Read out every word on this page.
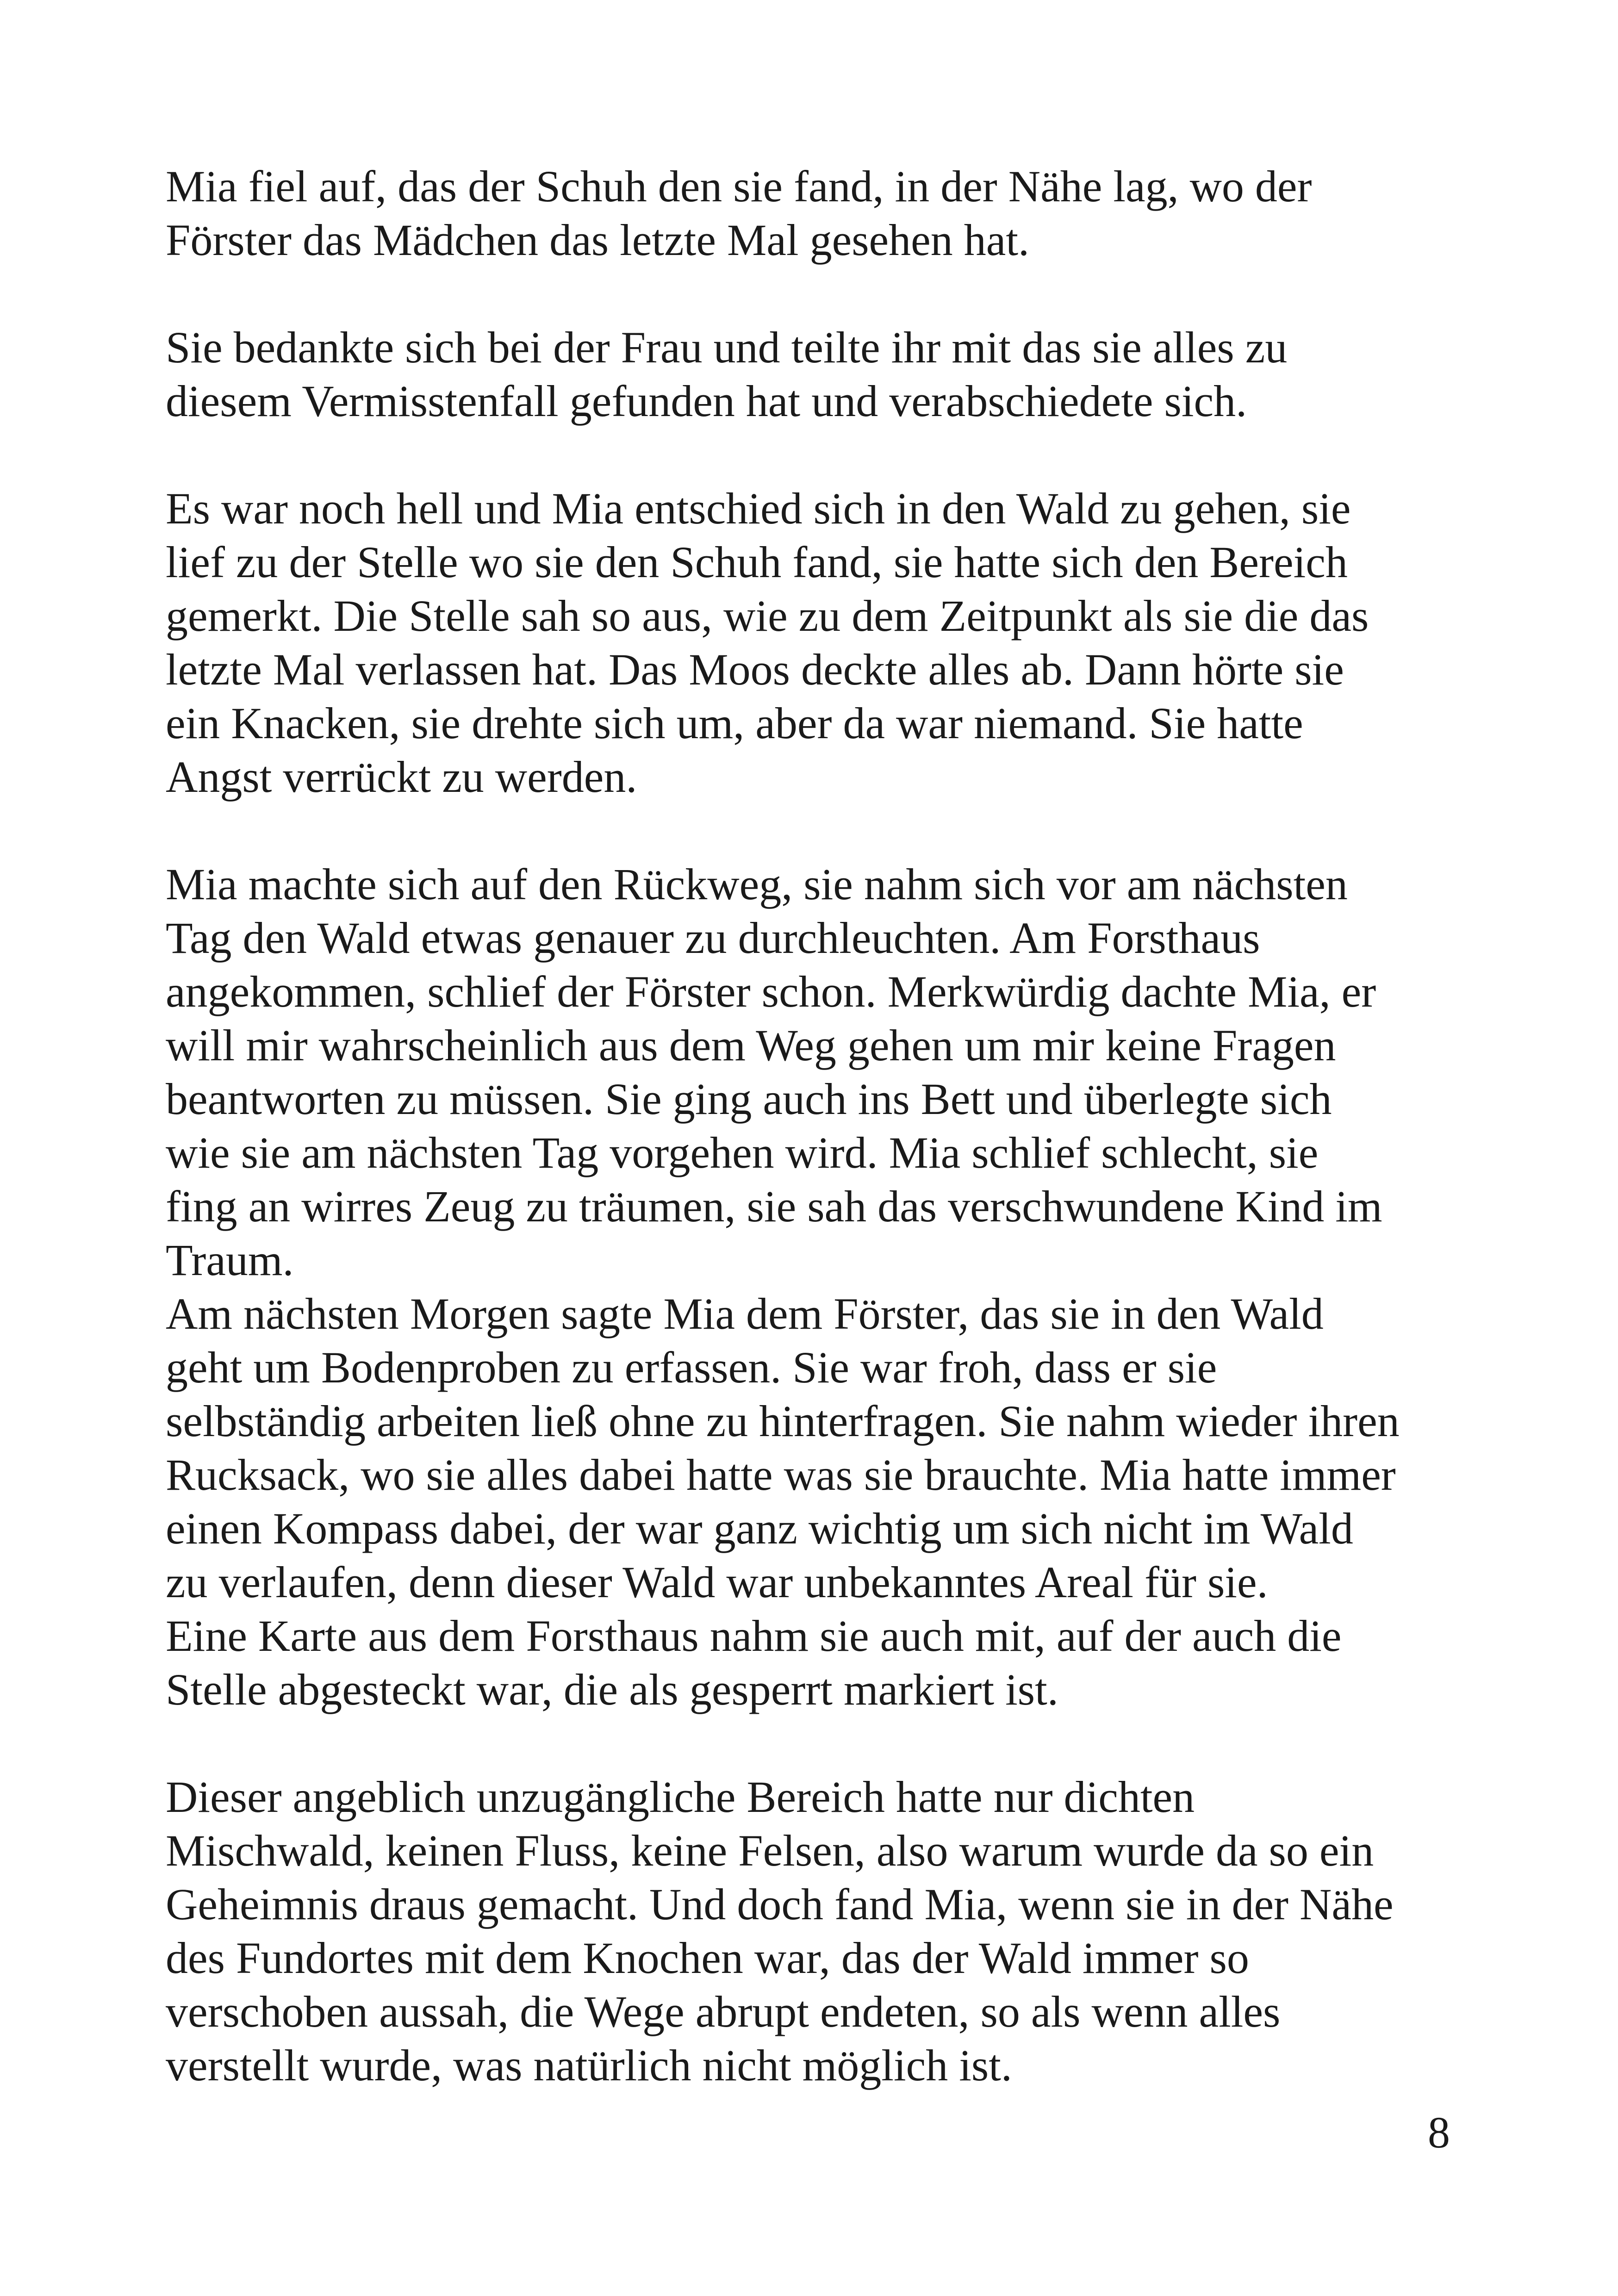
Mia fiel auf, das der Schuh den sie fand, in der Nähe lag, wo der
Förster das Mädchen das letzte Mal gesehen hat.

Sie bedankte sich bei der Frau und teilte ihr mit das sie alles zu
diesem Vermisstenfall gefunden hat und verabschiedete sich.

Es war noch hell und Mia entschied sich in den Wald zu gehen, sie
lief zu der Stelle wo sie den Schuh fand, sie hatte sich den Bereich
gemerkt. Die Stelle sah so aus, wie zu dem Zeitpunkt als sie die das
letzte Mal verlassen hat. Das Moos deckte alles ab. Dann hörte sie
ein Knacken, sie drehte sich um, aber da war niemand. Sie hatte
Angst verrückt zu werden.

Mia machte sich auf den Rückweg, sie nahm sich vor am nächsten
Tag den Wald etwas genauer zu durchleuchten. Am Forsthaus
angekommen, schlief der Förster schon. Merkwürdig dachte Mia, er
will mir wahrscheinlich aus dem Weg gehen um mir keine Fragen
beantworten zu müssen. Sie ging auch ins Bett und überlegte sich
wie sie am nächsten Tag vorgehen wird. Mia schlief schlecht, sie
fing an wirres Zeug zu träumen, sie sah das verschwundene Kind im
Traum.
Am nächsten Morgen sagte Mia dem Förster, das sie in den Wald
geht um Bodenproben zu erfassen. Sie war froh, dass er sie
selbständig arbeiten ließ ohne zu hinterfragen. Sie nahm wieder ihren
Rucksack, wo sie alles dabei hatte was sie brauchte. Mia hatte immer
einen Kompass dabei, der war ganz wichtig um sich nicht im Wald
zu verlaufen, denn dieser Wald war unbekanntes Areal für sie.
Eine Karte aus dem Forsthaus nahm sie auch mit, auf der auch die
Stelle abgesteckt war, die als gesperrt markiert ist.

Dieser angeblich unzugängliche Bereich hatte nur dichten
Mischwald, keinen Fluss, keine Felsen, also warum wurde da so ein
Geheimnis draus gemacht. Und doch fand Mia, wenn sie in der Nähe
des Fundortes mit dem Knochen war, das der Wald immer so
verschoben aussah, die Wege abrupt endeten, so als wenn alles
verstellt wurde, was natürlich nicht möglich ist.

8
